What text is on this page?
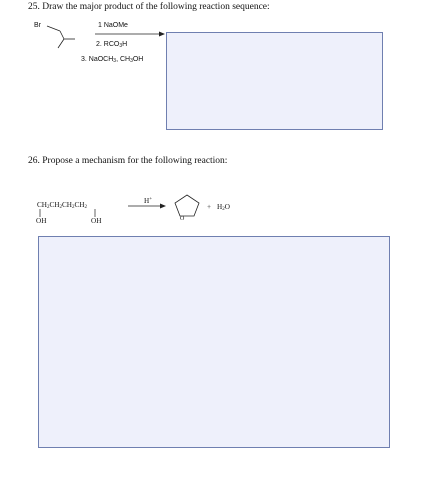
25. Draw the major product of the following reaction sequence:
Br	1 NaOMe
2. $RCO_3H$
3. NaOCH$_3$, $CH_3OH$
26. Propose a mechanism for the following reaction:
$CH_2CH_2CH_2CH_2$
OH	OH
H+
O
+ $H_2O$
